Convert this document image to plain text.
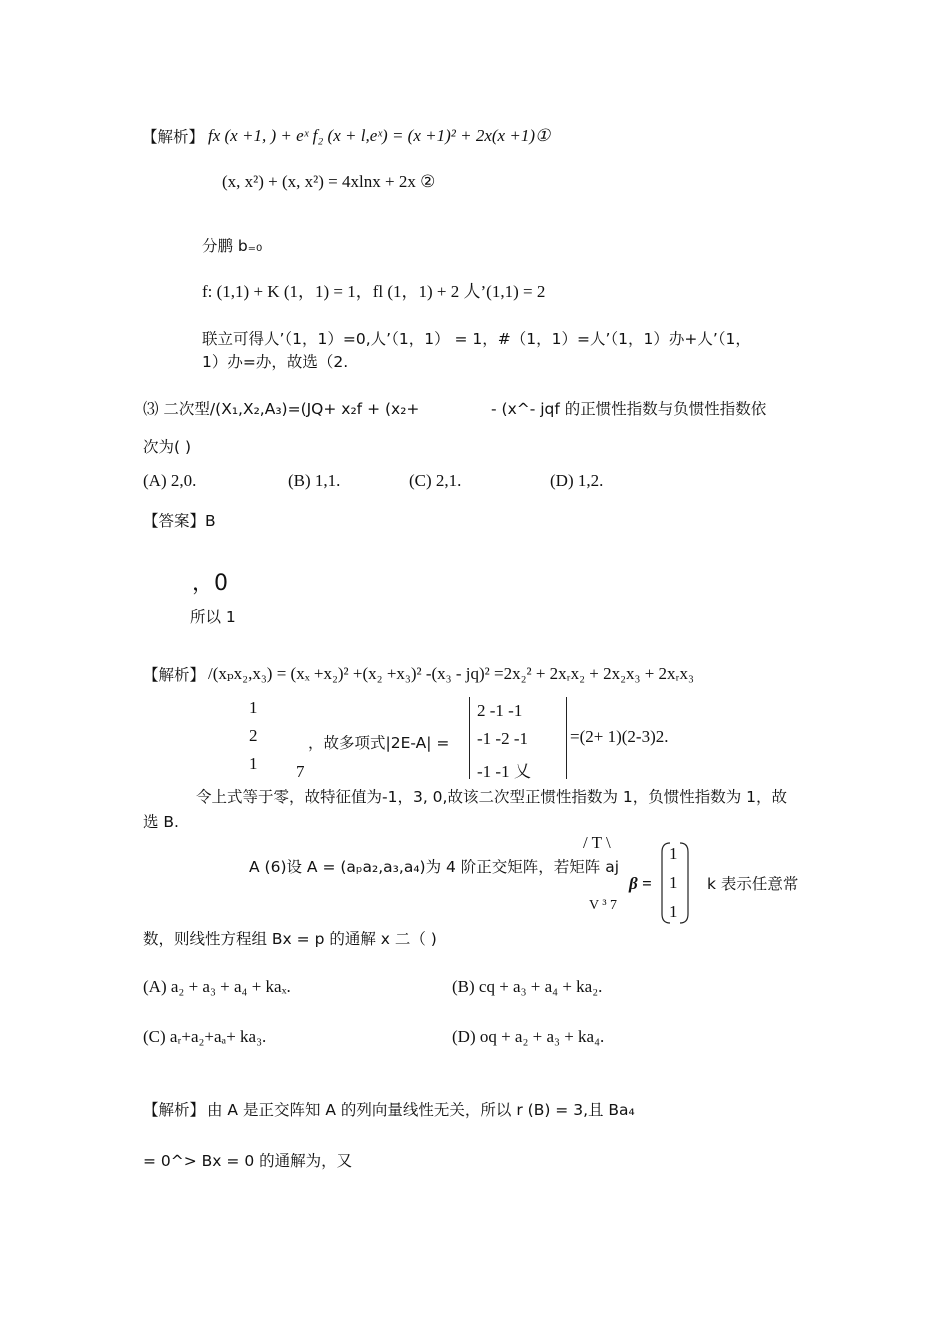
【解析】 fx (x +1, ) + eˣ f₂ (x + l,eˣ) = (x +1)² + 2x(x +1)①
(x, x²) + (x, x²) = 4xlnx + 2x ②
分鹏 b₌₀
f: (1,1) + K (1，1) = 1，fl (1，1) + 2 人’(1,1) = 2
联立可得人’（1，1）=0,人’（1，1） = 1，#（1，1）=人’（1，1）办+人’（1，
1）办=办，故选（2.
⑶ 二次型/(X₁,X₂,A₃)=(JQ+ x₂f + (x₂+	- (x^- jqf 的正惯性指数与负惯性指数依
次为( )
(A) 2,0.	(B) 1,1.	(C) 2,1.	(D) 1,2.
【答案】B
，0
所以 1
【解析】 /(xₚx₂,x₃) = (xₓ +x₂)² +(x₂ +x₃)² -(x₃ - jq)² =2x₂² + 2xᵣx₂ + 2x₂x₃ + 2xᵣx₃
1
2
1 7
，故多项式|2E-A| =
2 -1 -1
-1 -2 -1
-1 -1 乂
=(2+ 1)(2-3)2.
令上式等于零，故特征值为-1，3, 0,故该二次型正惯性指数为 1，负惯性指数为 1，故
选 B.
/ T \
A (6)设 A = (aₚa₂,a₃,a₄)为 4 阶正交矩阵，若矩阵 aj
V ³ 7
β =
1
1
1
k 表示任意常
数，则线性方程组 Bx = p 的通解 x 二（ )
(A) a₂ + a₃ + a₄ + kaₓ.	(B) cq + a₃ + a₄ + ka₂.
(C) aᵣ+a₂+aₐ+ ka₃.	(D) oq + a₂ + a₃ + ka₄.
【解析】 由 A 是正交阵知 A 的列向量线性无关，所以 r (B) = 3,且 Ba₄
= 0^> Bx = 0 的通解为，又
